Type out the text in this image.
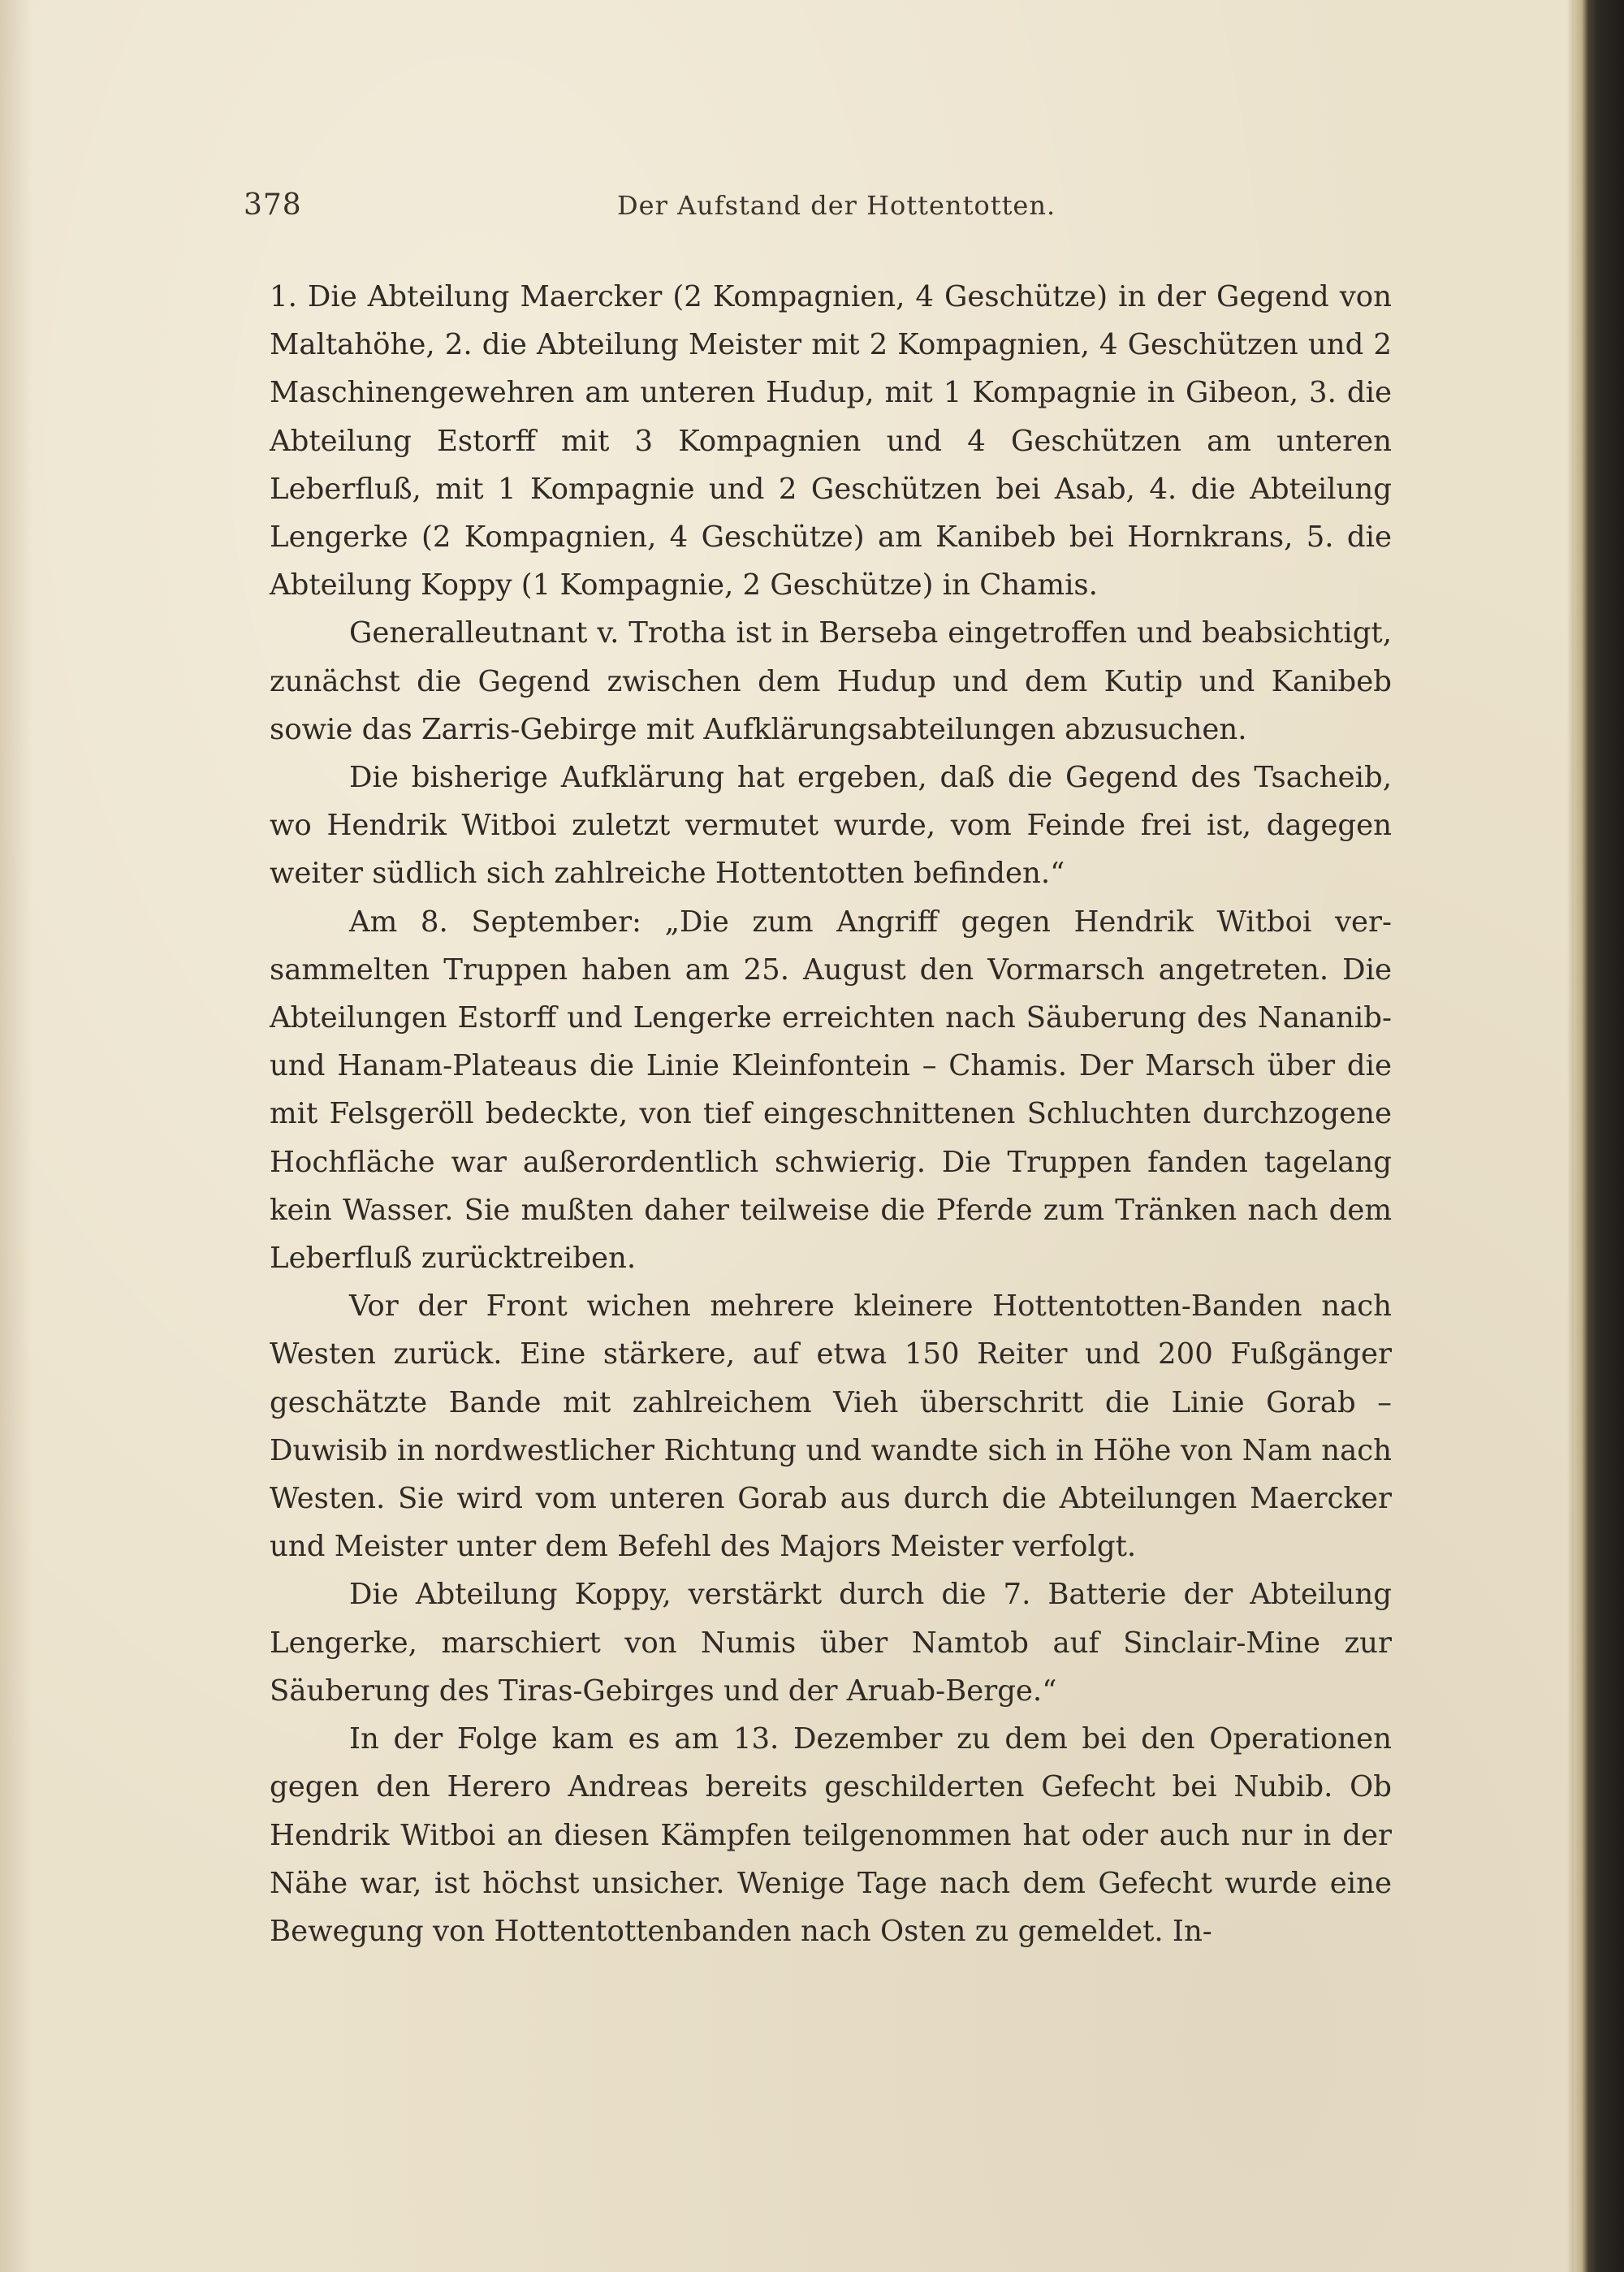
378	Der Aufstand der Hottentotten.

1. Die Abteilung Maercker (2 Kompagnien, 4 Geschütze) in der Gegend von Maltahöhe, 2. die Abteilung Meister mit 2 Kompagnien, 4 Geschützen und 2 Maschinengewehren am unteren Hudup, mit 1 Kompagnie in Gibeon, 3. die Abteilung Estorff mit 3 Kompagnien und 4 Geschützen am unteren Leberfluß, mit 1 Kompagnie und 2 Geschützen bei Asab, 4. die Abteilung Lengerke (2 Kompagnien, 4 Geschütze) am Kanibeb bei Hornkrans, 5. die Abteilung Koppy (1 Kompagnie, 2 Geschütze) in Chamis.

Generalleutnant v. Trotha ist in Berseba eingetroffen und beabsichtigt, zunächst die Gegend zwischen dem Hudup und dem Kutip und Kanibeb sowie das Zarris-Gebirge mit Aufklärungsabteilungen abzusuchen.

Die bisherige Aufklärung hat ergeben, daß die Gegend des Tsacheib, wo Hendrik Witboi zuletzt vermutet wurde, vom Feinde frei ist, dagegen weiter südlich sich zahlreiche Hottentotten befinden.“

Am 8. September: „Die zum Angriff gegen Hendrik Witboi ver-sammelten Truppen haben am 25. August den Vormarsch angetreten. Die Abteilungen Estorff und Lengerke erreichten nach Säuberung des Nananib- und Hanam-Plateaus die Linie Kleinfontein – Chamis. Der Marsch über die mit Felsgeröll bedeckte, von tief eingeschnittenen Schluchten durchzogene Hochfläche war außerordentlich schwierig. Die Truppen fanden tagelang kein Wasser. Sie mußten daher teilweise die Pferde zum Tränken nach dem Leberfluß zurücktreiben.

Vor der Front wichen mehrere kleinere Hottentotten-Banden nach Westen zurück. Eine stärkere, auf etwa 150 Reiter und 200 Fußgänger geschätzte Bande mit zahlreichem Vieh überschritt die Linie Gorab – Duwisib in nordwestlicher Richtung und wandte sich in Höhe von Nam nach Westen. Sie wird vom unteren Gorab aus durch die Abteilungen Maercker und Meister unter dem Befehl des Majors Meister verfolgt.

Die Abteilung Koppy, verstärkt durch die 7. Batterie der Abteilung Lengerke, marschiert von Numis über Namtob auf Sinclair-Mine zur Säuberung des Tiras-Gebirges und der Aruab-Berge.“

In der Folge kam es am 13. Dezember zu dem bei den Operationen gegen den Herero Andreas bereits geschilderten Gefecht bei Nubib. Ob Hendrik Witboi an diesen Kämpfen teilgenommen hat oder auch nur in der Nähe war, ist höchst unsicher. Wenige Tage nach dem Gefecht wurde eine Bewegung von Hottentottenbanden nach Osten zu gemeldet. In-
